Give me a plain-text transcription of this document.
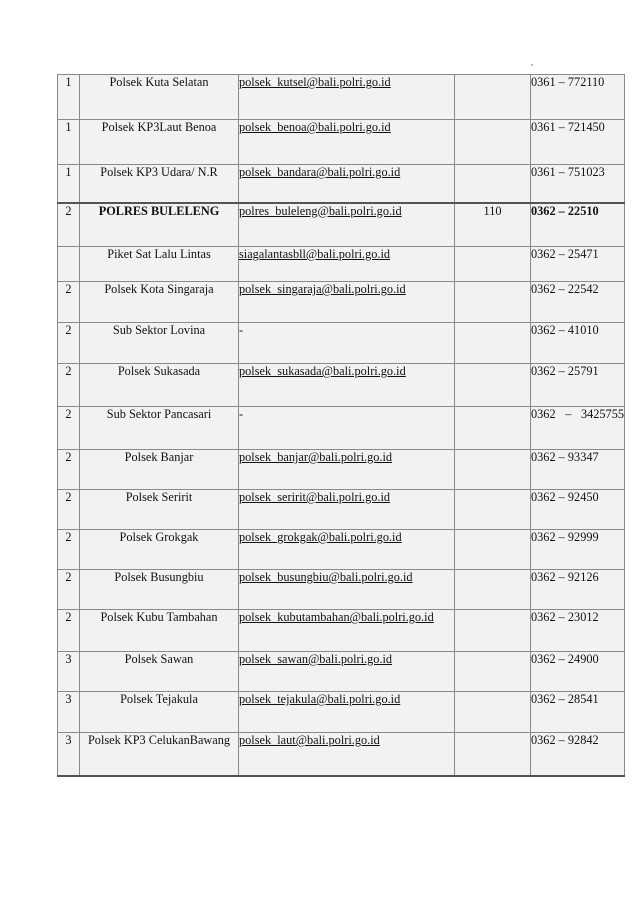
1	Polsek Kuta Selatan	polsek_kutsel@bali.polri.go.id		0361 – 772110
1	Polsek KP3Laut Benoa	polsek_benoa@bali.polri.go.id		0361 – 721450
1	Polsek KP3 Udara/ N.R	polsek_bandara@bali.polri.go.id		0361 – 751023
2	POLRES BULELENG	polres_buleleng@bali.polri.go.id	110	0362 – 22510
	Piket Sat Lalu Lintas	siagalantasbll@bali.polri.go.id		0362 – 25471
2	Polsek Kota Singaraja	polsek_singaraja@bali.polri.go.id		0362 – 22542
2	Sub Sektor Lovina	-		0362 – 41010
2	Polsek Sukasada	polsek_sukasada@bali.polri.go.id		0362 – 25791
2	Sub Sektor Pancasari	-		0362 – 3425755
2	Polsek Banjar	polsek_banjar@bali.polri.go.id		0362 – 93347
2	Polsek Seririt	polsek_seririt@bali.polri.go.id		0362 – 92450
2	Polsek Grokgak	polsek_grokgak@bali.polri.go.id		0362 – 92999
2	Polsek Busungbiu	polsek_busungbiu@bali.polri.go.id		0362 – 92126
2	Polsek Kubu Tambahan	polsek_kubutambahan@bali.polri.go.id		0362 – 23012
3	Polsek Sawan	polsek_sawan@bali.polri.go.id		0362 – 24900
3	Polsek Tejakula	polsek_tejakula@bali.polri.go.id		0362 – 28541
3	Polsek KP3 CelukanBawang	polsek_laut@bali.polri.go.id		0362 – 92842
